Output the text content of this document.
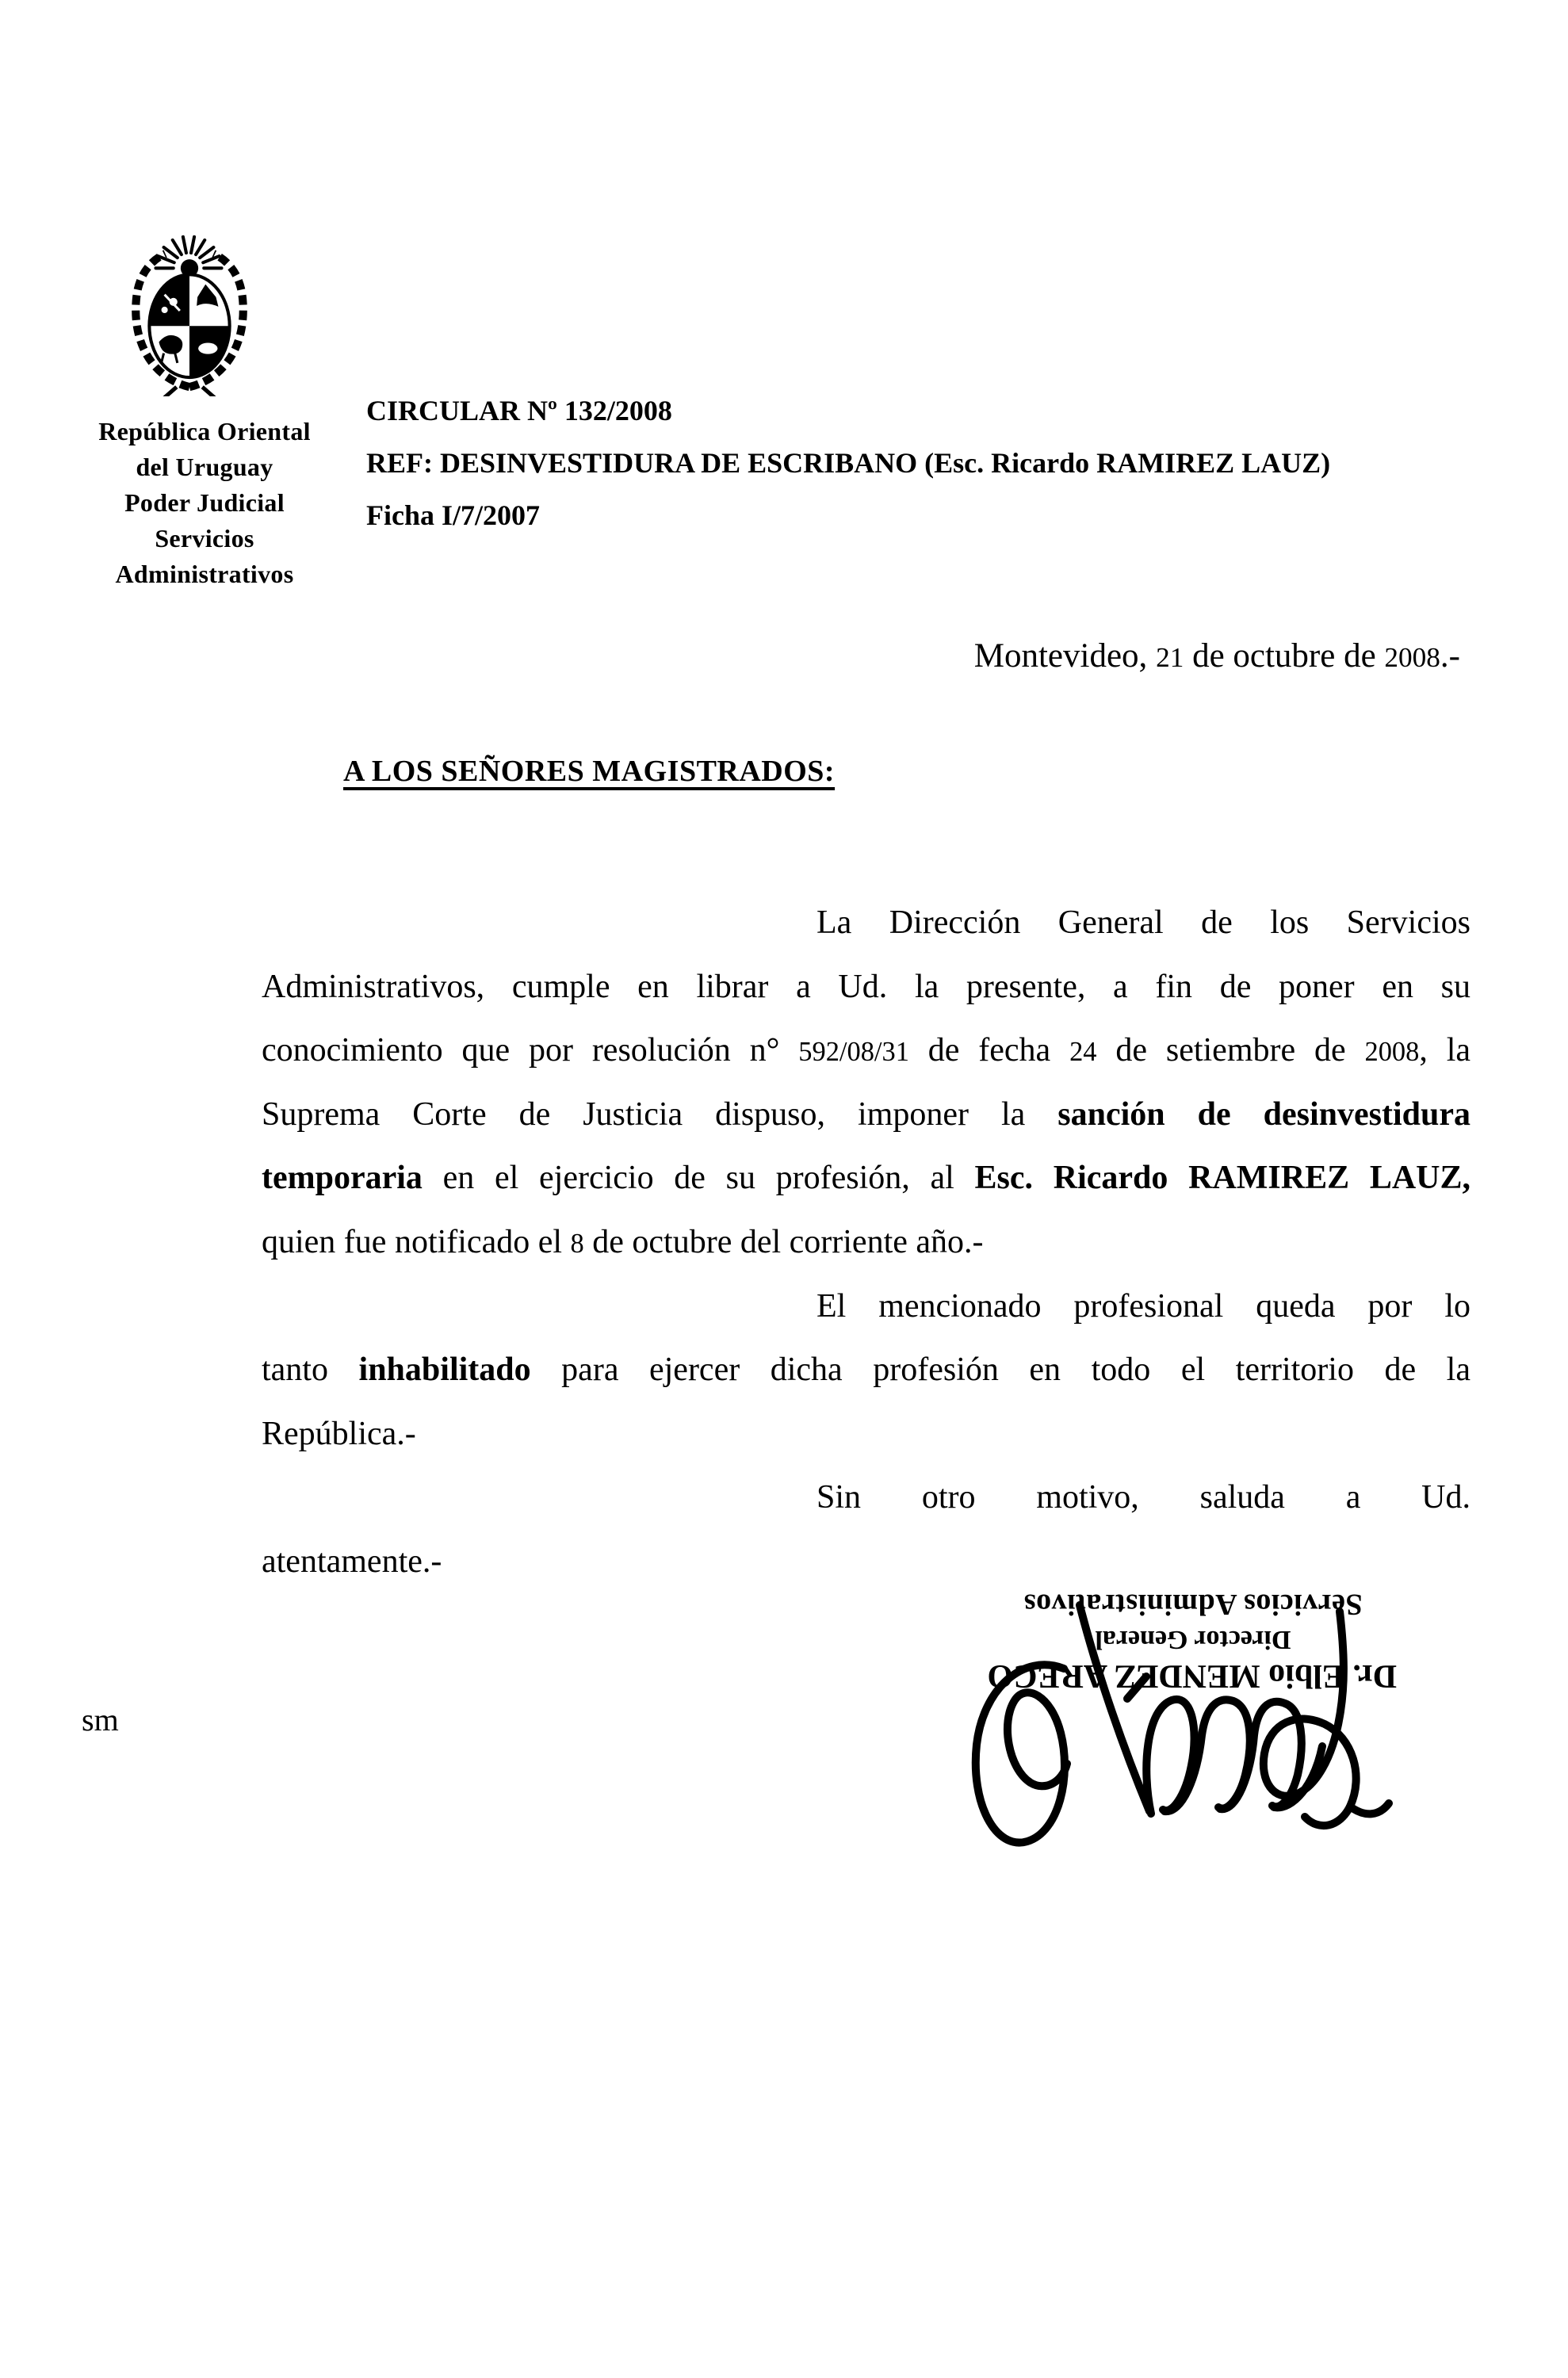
República Oriental
del Uruguay
Poder Judicial
Servicios
Administrativos
CIRCULAR Nº 132/2008
REF: DESINVESTIDURA DE ESCRIBANO (Esc. Ricardo RAMIREZ LAUZ)
Ficha I/7/2007
Montevideo, 21 de octubre de 2008.-
A LOS SEÑORES MAGISTRADOS:
La Dirección General de los Servicios
Administrativos, cumple en librar a Ud. la presente, a fin de poner en su
conocimiento que por resolución n° 592/08/31 de fecha 24 de setiembre de 2008, la
Suprema Corte de Justicia dispuso, imponer la sanción de desinvestidura
temporaria en el ejercicio de su profesión, al Esc. Ricardo RAMIREZ LAUZ,
quien fue notificado el 8 de octubre del corriente año.-
El mencionado profesional queda por lo
tanto inhabilitado para ejercer dicha profesión en todo el territorio de la
República.-
Sin otro motivo, saluda a Ud.
atentamente.-
Dr. Elbio MENDEZ ARECO
Director General
Servicios Administrativos
sm
